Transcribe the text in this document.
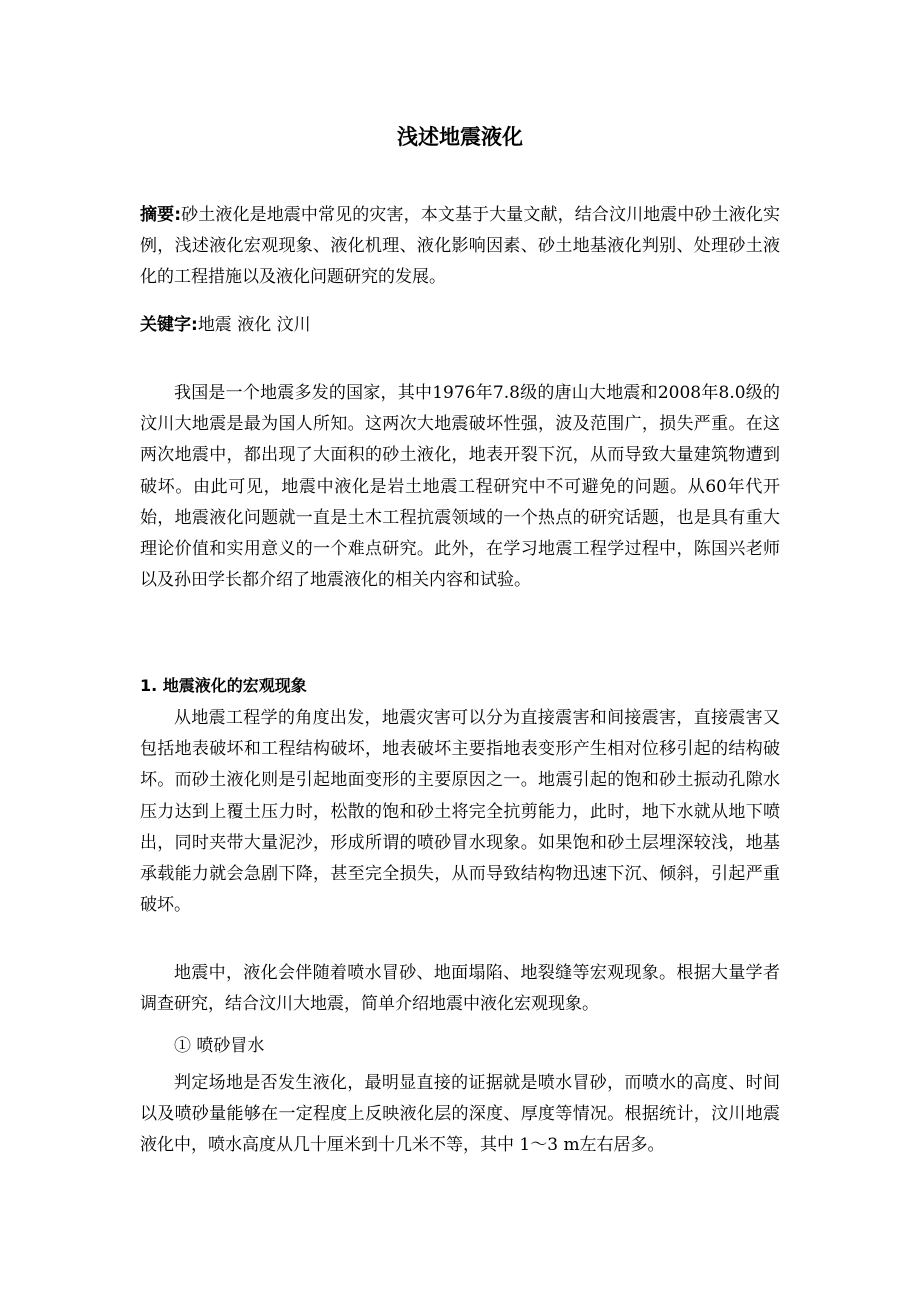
浅述地震液化

摘要:砂土液化是地震中常见的灾害，本文基于大量文献，结合汶川地震中砂土液化实例，浅述液化宏观现象、液化机理、液化影响因素、砂土地基液化判别、处理砂土液化的工程措施以及液化问题研究的发展。

关键字:地震 液化 汶川

我国是一个地震多发的国家，其中1976年7.8级的唐山大地震和2008年8.0级的汶川大地震是最为国人所知。这两次大地震破坏性强，波及范围广，损失严重。在这两次地震中，都出现了大面积的砂土液化，地表开裂下沉，从而导致大量建筑物遭到破坏。由此可见，地震中液化是岩土地震工程研究中不可避免的问题。从60年代开始，地震液化问题就一直是土木工程抗震领域的一个热点的研究话题，也是具有重大理论价值和实用意义的一个难点研究。此外，在学习地震工程学过程中，陈国兴老师以及孙田学长都介绍了地震液化的相关内容和试验。

1. 地震液化的宏观现象

从地震工程学的角度出发，地震灾害可以分为直接震害和间接震害，直接震害又包括地表破坏和工程结构破坏，地表破坏主要指地表变形产生相对位移引起的结构破坏。而砂土液化则是引起地面变形的主要原因之一。地震引起的饱和砂土振动孔隙水压力达到上覆土压力时，松散的饱和砂土将完全抗剪能力，此时，地下水就从地下喷出，同时夹带大量泥沙，形成所谓的喷砂冒水现象。如果饱和砂土层埋深较浅，地基承载能力就会急剧下降，甚至完全损失，从而导致结构物迅速下沉、倾斜，引起严重破坏。

地震中，液化会伴随着喷水冒砂、地面塌陷、地裂缝等宏观现象。根据大量学者调查研究，结合汶川大地震，简单介绍地震中液化宏观现象。

① 喷砂冒水

判定场地是否发生液化，最明显直接的证据就是喷水冒砂，而喷水的高度、时间以及喷砂量能够在一定程度上反映液化层的深度、厚度等情况。根据统计，汶川地震液化中，喷水高度从几十厘米到十几米不等，其中 1～3 m左右居多。
